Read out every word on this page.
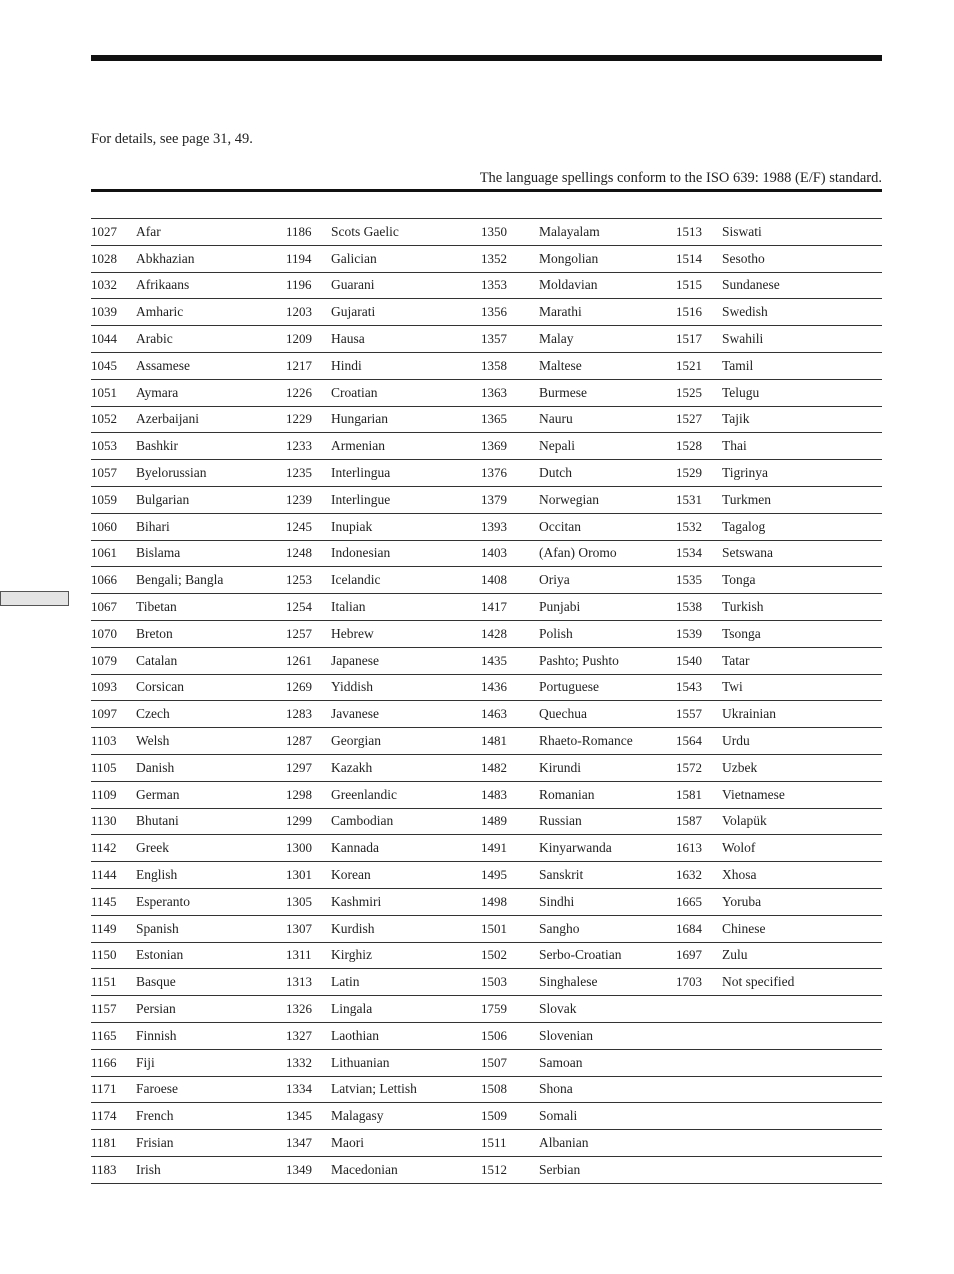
For details, see page 31, 49.
The language spellings conform to the ISO 639: 1988 (E/F) standard.
1027	Afar	1186	Scots Gaelic	1350	Malayalam	1513	Siswati
1028	Abkhazian	1194	Galician	1352	Mongolian	1514	Sesotho
1032	Afrikaans	1196	Guarani	1353	Moldavian	1515	Sundanese
1039	Amharic	1203	Gujarati	1356	Marathi	1516	Swedish
1044	Arabic	1209	Hausa	1357	Malay	1517	Swahili
1045	Assamese	1217	Hindi	1358	Maltese	1521	Tamil
1051	Aymara	1226	Croatian	1363	Burmese	1525	Telugu
1052	Azerbaijani	1229	Hungarian	1365	Nauru	1527	Tajik
1053	Bashkir	1233	Armenian	1369	Nepali	1528	Thai
1057	Byelorussian	1235	Interlingua	1376	Dutch	1529	Tigrinya
1059	Bulgarian	1239	Interlingue	1379	Norwegian	1531	Turkmen
1060	Bihari	1245	Inupiak	1393	Occitan	1532	Tagalog
1061	Bislama	1248	Indonesian	1403	(Afan) Oromo	1534	Setswana
1066	Bengali; Bangla	1253	Icelandic	1408	Oriya	1535	Tonga
1067	Tibetan	1254	Italian	1417	Punjabi	1538	Turkish
1070	Breton	1257	Hebrew	1428	Polish	1539	Tsonga
1079	Catalan	1261	Japanese	1435	Pashto; Pushto	1540	Tatar
1093	Corsican	1269	Yiddish	1436	Portuguese	1543	Twi
1097	Czech	1283	Javanese	1463	Quechua	1557	Ukrainian
1103	Welsh	1287	Georgian	1481	Rhaeto-Romance	1564	Urdu
1105	Danish	1297	Kazakh	1482	Kirundi	1572	Uzbek
1109	German	1298	Greenlandic	1483	Romanian	1581	Vietnamese
1130	Bhutani	1299	Cambodian	1489	Russian	1587	Volapük
1142	Greek	1300	Kannada	1491	Kinyarwanda	1613	Wolof
1144	English	1301	Korean	1495	Sanskrit	1632	Xhosa
1145	Esperanto	1305	Kashmiri	1498	Sindhi	1665	Yoruba
1149	Spanish	1307	Kurdish	1501	Sangho	1684	Chinese
1150	Estonian	1311	Kirghiz	1502	Serbo-Croatian	1697	Zulu
1151	Basque	1313	Latin	1503	Singhalese	1703	Not specified
1157	Persian	1326	Lingala	1759	Slovak		
1165	Finnish	1327	Laothian	1506	Slovenian		
1166	Fiji	1332	Lithuanian	1507	Samoan		
1171	Faroese	1334	Latvian; Lettish	1508	Shona		
1174	French	1345	Malagasy	1509	Somali		
1181	Frisian	1347	Maori	1511	Albanian		
1183	Irish	1349	Macedonian	1512	Serbian		
